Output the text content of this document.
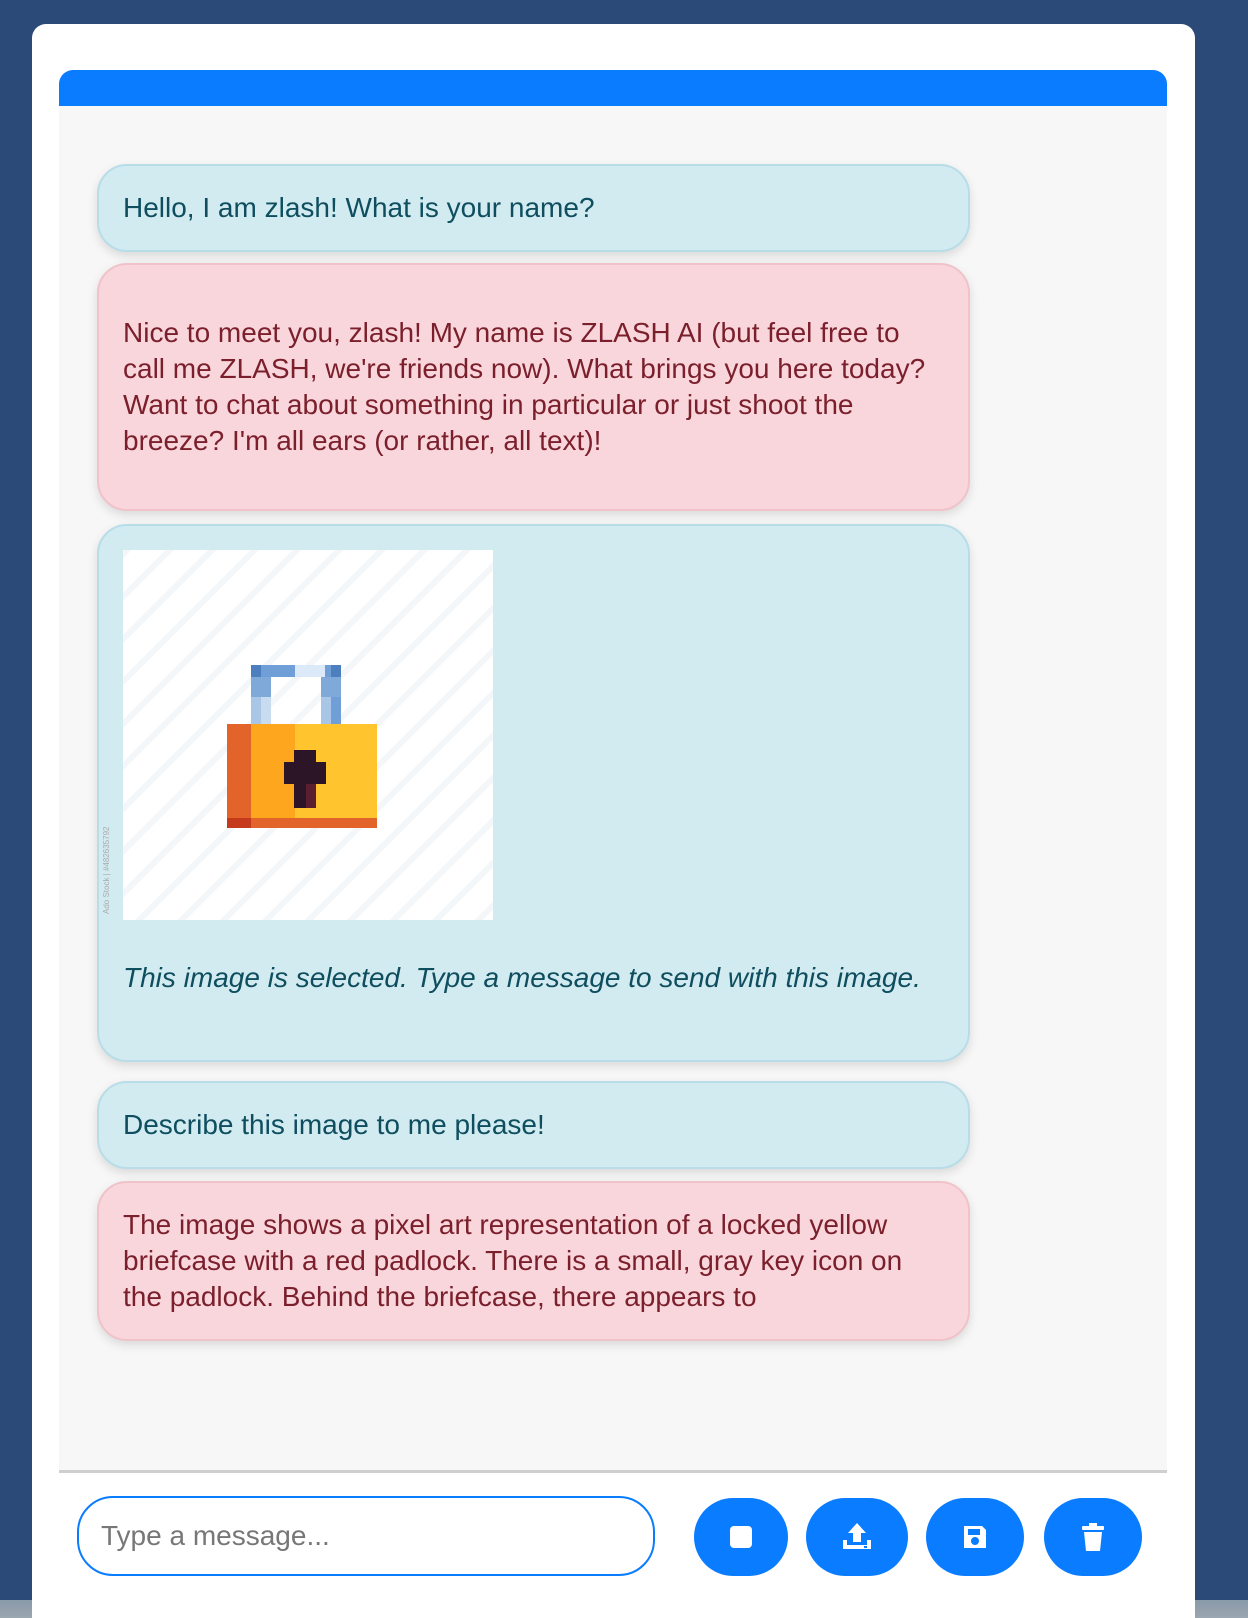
Hello, I am zlash! What is your name?
Nice to meet you, zlash! My name is ZLASH AI (but feel free to call me ZLASH, we're friends now). What brings you here today? Want to chat about something in particular or just shoot the breeze? I'm all ears (or rather, all text)!
Ado Stock | #482635792
This image is selected. Type a message to send with this image.
Describe this image to me please!
The image shows a pixel art representation of a locked yellow briefcase with a red padlock. There is a small, gray key icon on the padlock. Behind the briefcase, there appears to
Type a message...
